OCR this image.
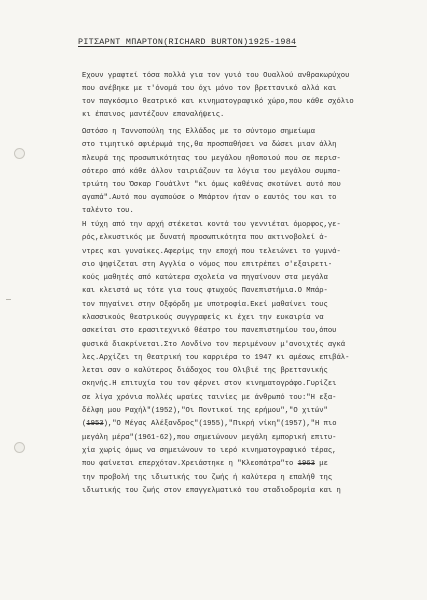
ΡΙΤΣΑΡΝΤ ΜΠΑΡΤΟΝ(RICHARD BURTON)1925-1984
Εχουν γραφτεί τόσα πολλά για τον γυιό του Ουαλλού ανθρακωρύχου
που ανέβηκε με τ'όνομά του όχι μόνο τον βρεττανικό αλλά και
τον παγκόσμιο θεατρικό και κινηματογραφικό χώρο,που κάθε σχόλιο
κι έπαινος μαντέζουν επαναλήψεις.
Ωστόσο η Ταννοπούλη της Ελλάδος με το σύντομο σημείωμα
στο τιμητικό αφιέρωμά της,θα προσπαθήσει να δώσει μιαν άλλη
πλευρά της προσωπικότητας του μεγάλου ηθοποιού που σε περισ-
σότερο από κάθε άλλον ταιριάζουν τα λόγια του μεγάλου συμπα-
τριώτη του Όσκαρ Γουάϊλντ "κι όμως καθένας σκοτώνει αυτό που
αγαπά".Αυτό που αγαπούσε ο Μπάρτον ήταν ο εαυτός του και το
ταλέντο του.
Η τύχη από την αρχή στέκεται κοντά του γεννιέται όμορφος,γε-
ρός,ελκυστικός με δυνατή προσωπικότητα που ακτινοβολεί ά-
ντρες και γυναίκες.Αφερίμς την εποχή που τελειώνει το γυμνά-
σιο ψηφίζεται στη Αγγλία ο νόμος που επιτρέπει σ'εξαιρετι-
κούς μαθητές από κατώτερα σχολεία να πηγαίνουν στα μεγάλα
και κλειστά ως τότε για τους φτωχούς Πανεπιστήμια.Ο Μπάρ-
τον πηγαίνει στην Οξφόρδη με υποτροφία.Εκεί μαθαίνει τους
κλασσικούς θεατρικούς συγγραφείς κι έχει την ευκαιρία να
ασκείται στο ερασιτεχνικό θέατρο του πανεπιστημίου του,όπου
φυσικά διακρίνεται.Στο Λονδίνο τον περιμένουν μ'ανοιχτές αγκά
λες.Αρχίζει τη θεατρική του καρριέρα το 1947 κι αμέσως επιβάλ-
λεται σαν ο καλύτερος διάδοχος του Ολιβιέ της βρεττανικής
σκηνής.Η επιτυχία του τον φέρνει στον κινηματογράφο.Γυρίζει
σε λίγα χρόνια πολλές ωραίες ταινίες με άνθρωπό του:"Η εξα-
δέλφη μου Ραχήλ"(1952),"Οι Ποντικοί της ερήμου","Ο χιτών"
(1953),"Ο Μέγας Αλέξανδρος"(1955),"Πικρή νίκη"(1957),"Η πιο
μεγάλη μέρα"(1961-62),που σημειώνουν μεγάλη εμπορική επιτυ-
χία χωρίς όμως να σημειώνουν το ιερό κινηματογραφικό τέρας,
που φαίνεται επερχόταν.Χρειάστηκε η "Κλεοπάτρα"το 1963 με
την προβολή της ιδιωτικής του ζωής ή καλύτερα η επαλήθ της
ιδιωτικής του ζωής στον επαγγελματικό του σταδιοδρομία και η
